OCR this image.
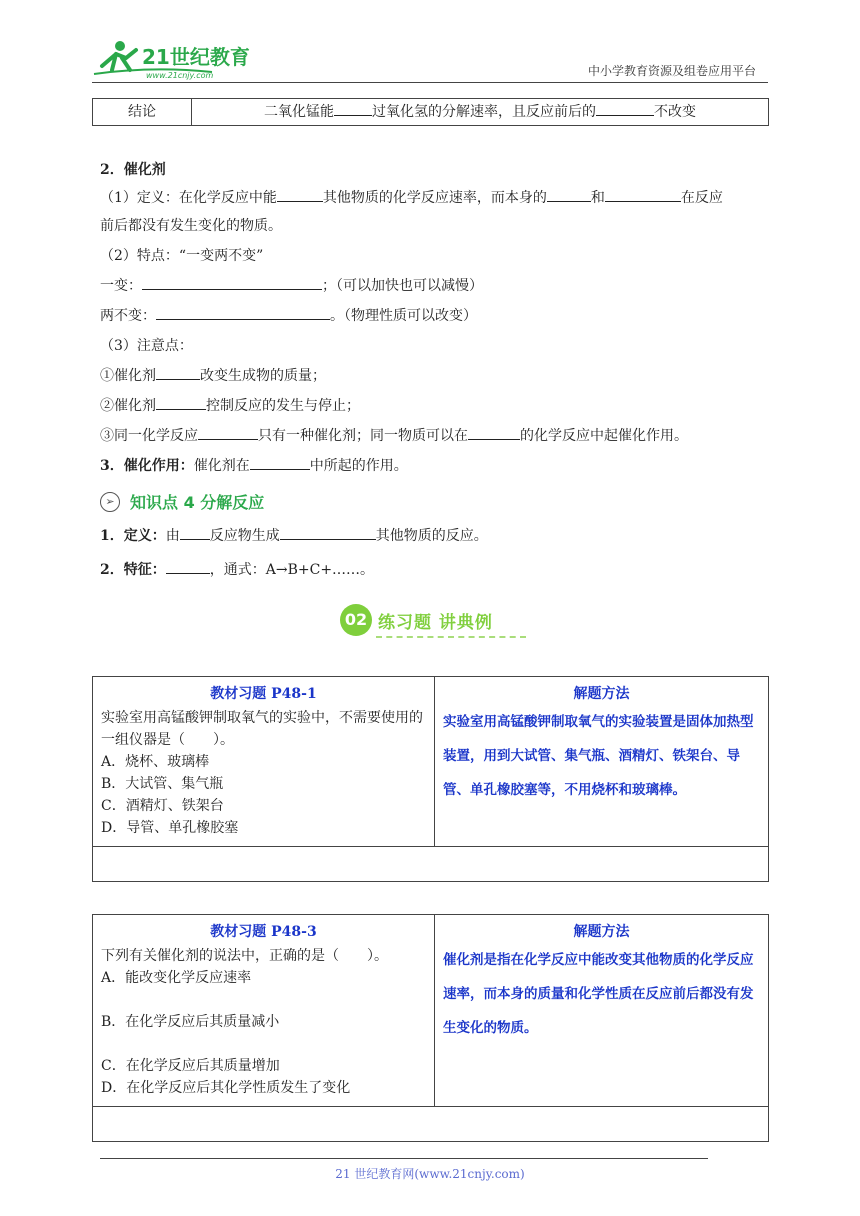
21世纪教育
www.21cnjy.com	中小学教育资源及组卷应用平台
结论	二氧化锰能	过氧化氢的分解速率，且反应前后的	不改变
2．催化剂
（1）定义：在化学反应中能	其他物质的化学反应速率，而本身的	和	在反应
前后都没有发生变化的物质。
（2）特点：“一变两不变”
一变：	；（可以加快也可以减慢）
两不变：	。（物理性质可以改变）
（3）注意点：
①催化剂	改变生成物的质量；
②催化剂	控制反应的发生与停止；
③同一化学反应	只有一种催化剂；同一物质可以在	的化学反应中起催化作用。
3．催化作用：催化剂在	中所起的作用。
➢ 知识点 4 分解反应
1．定义：由 反应物生成	其他物质的反应。
2．特征：	，通式：A→B+C+……。
02 练习题 讲典例
教材习题 P48-1
实验室用高锰酸钾制取氧气的实验中，不需要使用的一组仪器是（　　）。
A．烧杯、玻璃棒
B．大试管、集气瓶
C．酒精灯、铁架台
D．导管、单孔橡胶塞
解题方法
实验室用高锰酸钾制取氧气的实验装置是固体加热型装置，用到大试管、集气瓶、酒精灯、铁架台、导管、单孔橡胶塞等，不用烧杯和玻璃棒。
教材习题 P48-3
下列有关催化剂的说法中，正确的是（　　）。
A．能改变化学反应速率
B．在化学反应后其质量减小
C．在化学反应后其质量增加
D．在化学反应后其化学性质发生了变化
解题方法
催化剂是指在化学反应中能改变其他物质的化学反应速率，而本身的质量和化学性质在反应前后都没有发生变化的物质。
21 世纪教育网(www.21cnjy.com)
